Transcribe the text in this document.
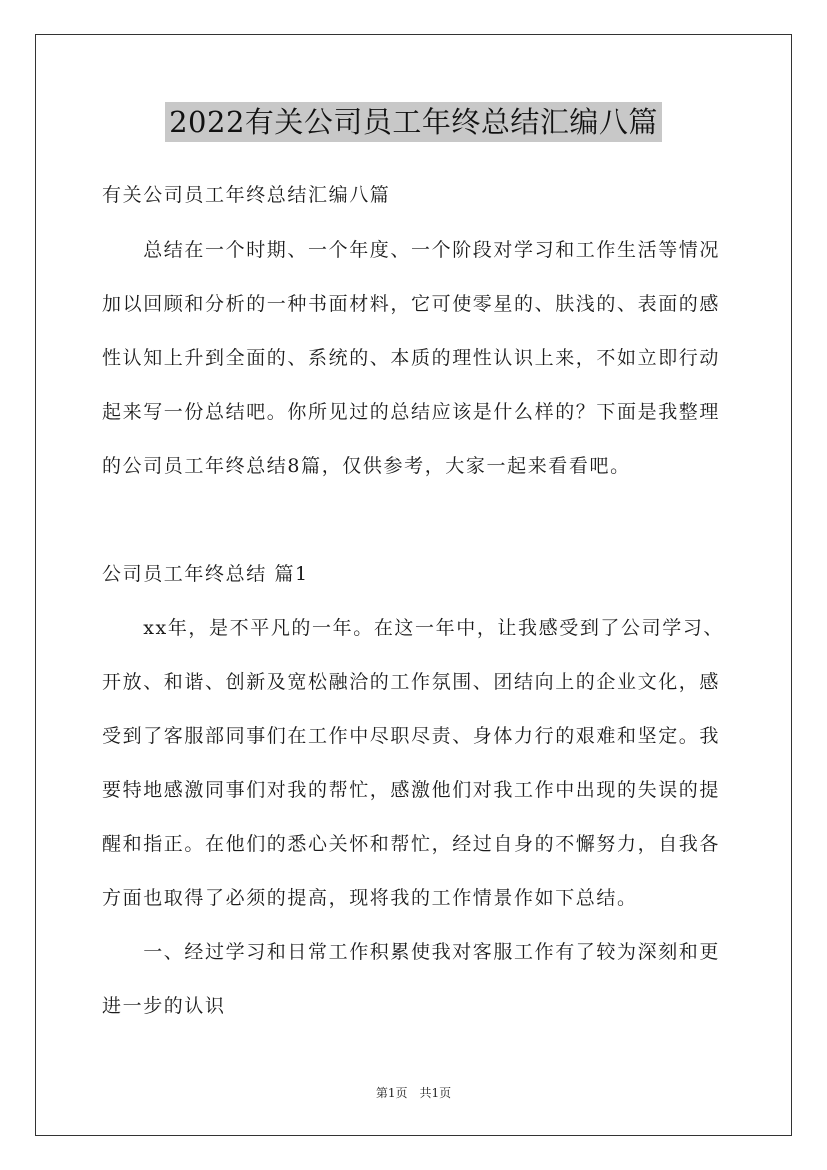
2022有关公司员工年终总结汇编八篇
有关公司员工年终总结汇编八篇
　　总结在一个时期、一个年度、一个阶段对学习和工作生活等情况
加以回顾和分析的一种书面材料，它可使零星的、肤浅的、表面的感
性认知上升到全面的、系统的、本质的理性认识上来，不如立即行动
起来写一份总结吧。你所见过的总结应该是什么样的？下面是我整理
的公司员工年终总结8篇，仅供参考，大家一起来看看吧。
公司员工年终总结 篇1
　　xx年，是不平凡的一年。在这一年中，让我感受到了公司学习、
开放、和谐、创新及宽松融洽的工作氛围、团结向上的企业文化，感
受到了客服部同事们在工作中尽职尽责、身体力行的艰难和坚定。我
要特地感激同事们对我的帮忙，感激他们对我工作中出现的失误的提
醒和指正。在他们的悉心关怀和帮忙，经过自身的不懈努力，自我各
方面也取得了必须的提高，现将我的工作情景作如下总结。
　　一、经过学习和日常工作积累使我对客服工作有了较为深刻和更
进一步的认识
第1页　共1页
